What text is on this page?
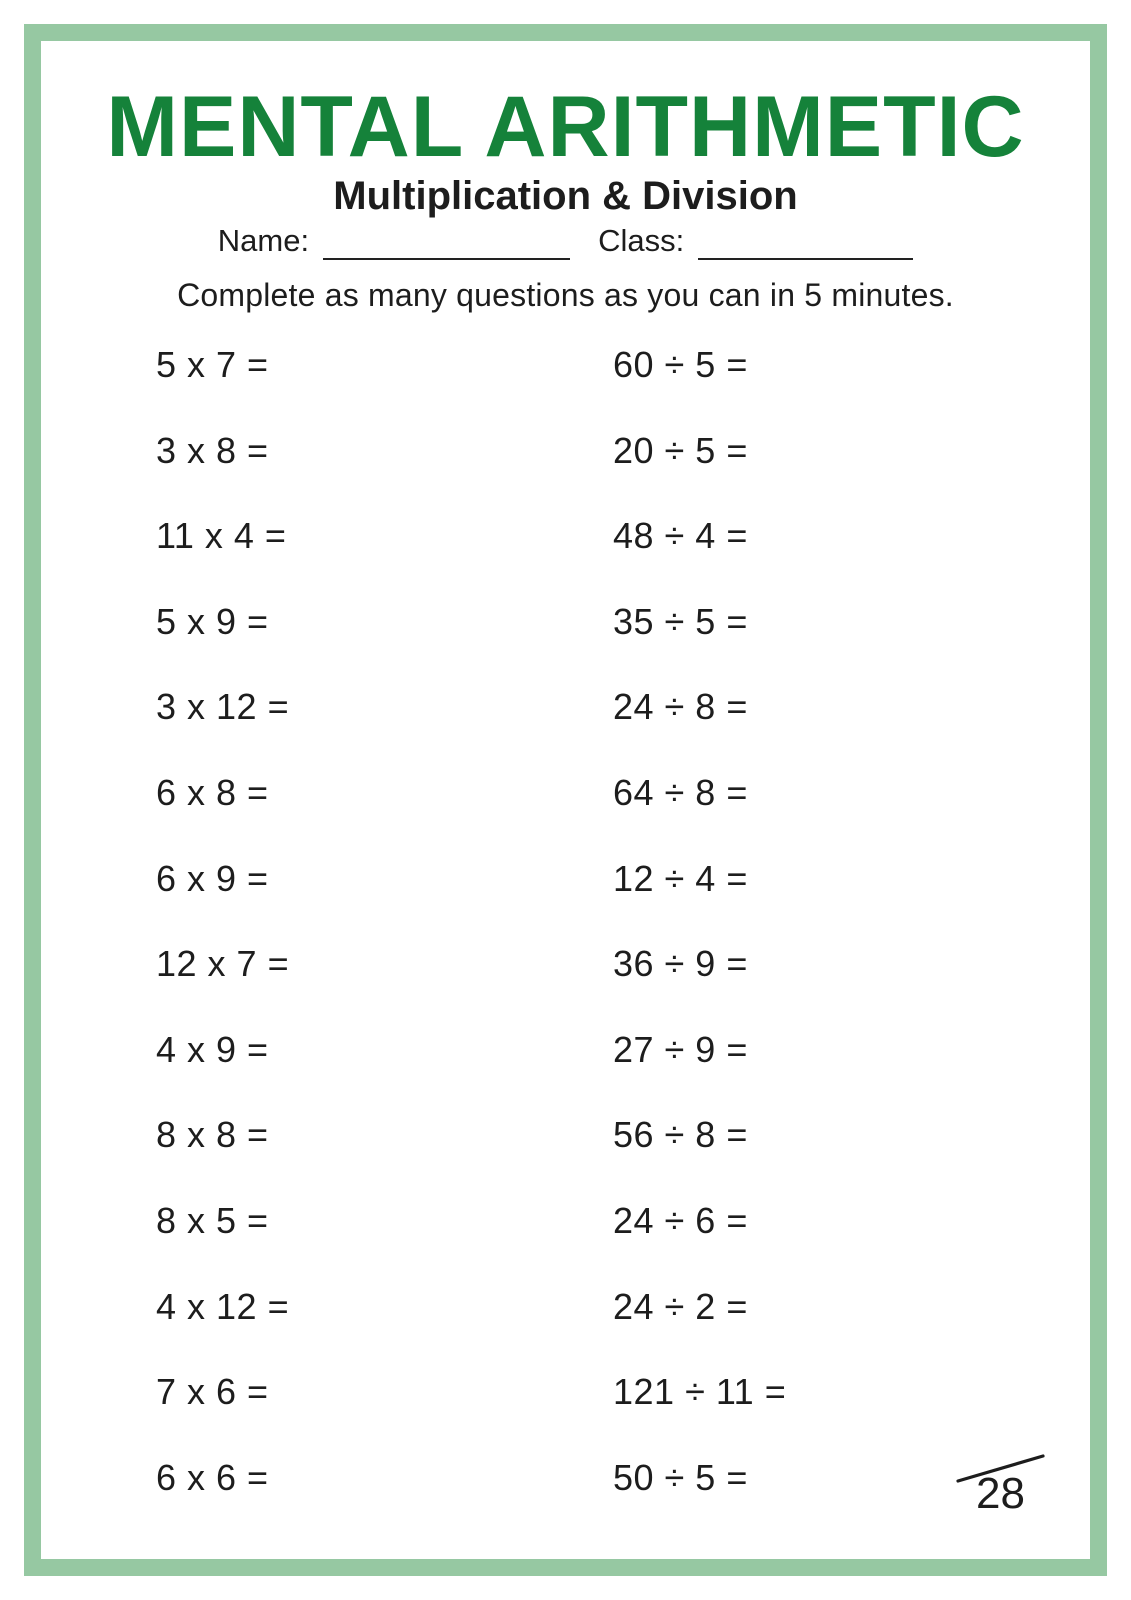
MENTAL ARITHMETIC
Multiplication & Division
Name:	Class:
Complete as many questions as you can in 5 minutes.
5 x 7 =
3 x 8 =
11 x 4 =
5 x 9 =
3 x 12 =
6 x 8 =
6 x 9 =
12 x 7 =
4 x 9 =
8 x 8 =
8 x 5 =
4 x 12 =
7 x 6 =
6 x 6 =
60 ÷ 5 =
20 ÷ 5 =
48 ÷ 4 =
35 ÷ 5 =
24 ÷ 8 =
64 ÷ 8 =
12 ÷ 4 =
36 ÷ 9 =
27 ÷ 9 =
56 ÷ 8 =
24 ÷ 6 =
24 ÷ 2 =
121 ÷ 11 =
50 ÷ 5 =	28
